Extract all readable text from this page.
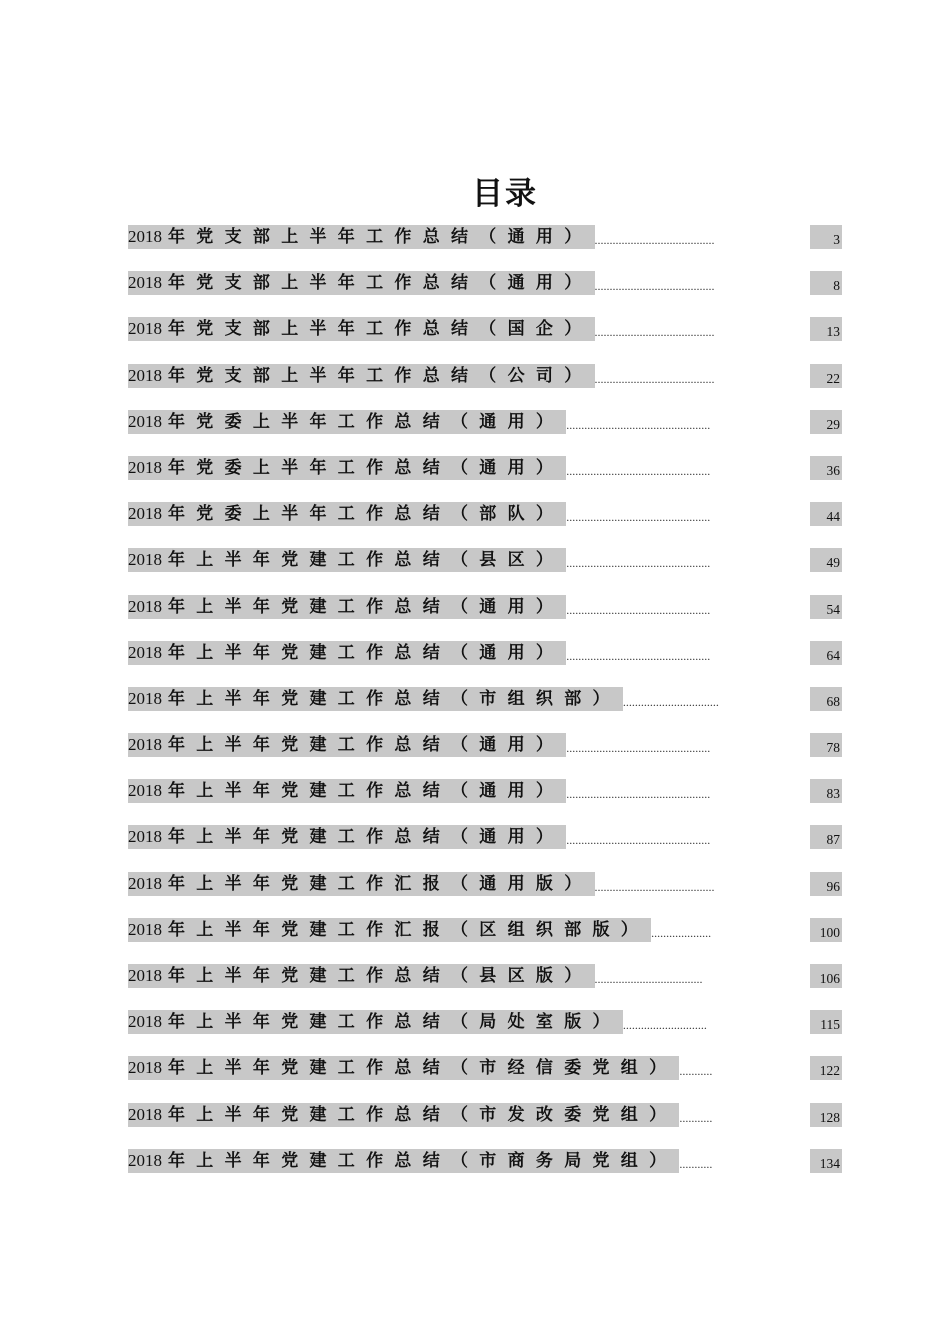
目录
2018 年党支部上半年工作总结（通用） ........................................	3
2018 年党支部上半年工作总结（通用） ........................................	8
2018 年党支部上半年工作总结（国企） ........................................	13
2018 年党支部上半年工作总结（公司） ........................................	22
2018 年党委上半年工作总结（通用） ................................................	29
2018 年党委上半年工作总结（通用） ................................................	36
2018 年党委上半年工作总结（部队） ................................................	44
2018 年上半年党建工作总结（县区） ................................................	49
2018 年上半年党建工作总结（通用） ................................................	54
2018 年上半年党建工作总结（通用） ................................................	64
2018 年上半年党建工作总结（市组织部） ................................	68
2018 年上半年党建工作总结（通用） ................................................	78
2018 年上半年党建工作总结（通用） ................................................	83
2018 年上半年党建工作总结（通用） ................................................	87
2018 年上半年党建工作汇报（通用版） ........................................	96
2018 年上半年党建工作汇报（区组织部版） ....................	100
2018 年上半年党建工作总结（县区版） ....................................	106
2018 年上半年党建工作总结（局处室版） ............................	115
2018 年上半年党建工作总结（市经信委党组） ...........	122
2018 年上半年党建工作总结（市发改委党组） ...........	128
2018 年上半年党建工作总结（市商务局党组） ...........	134
